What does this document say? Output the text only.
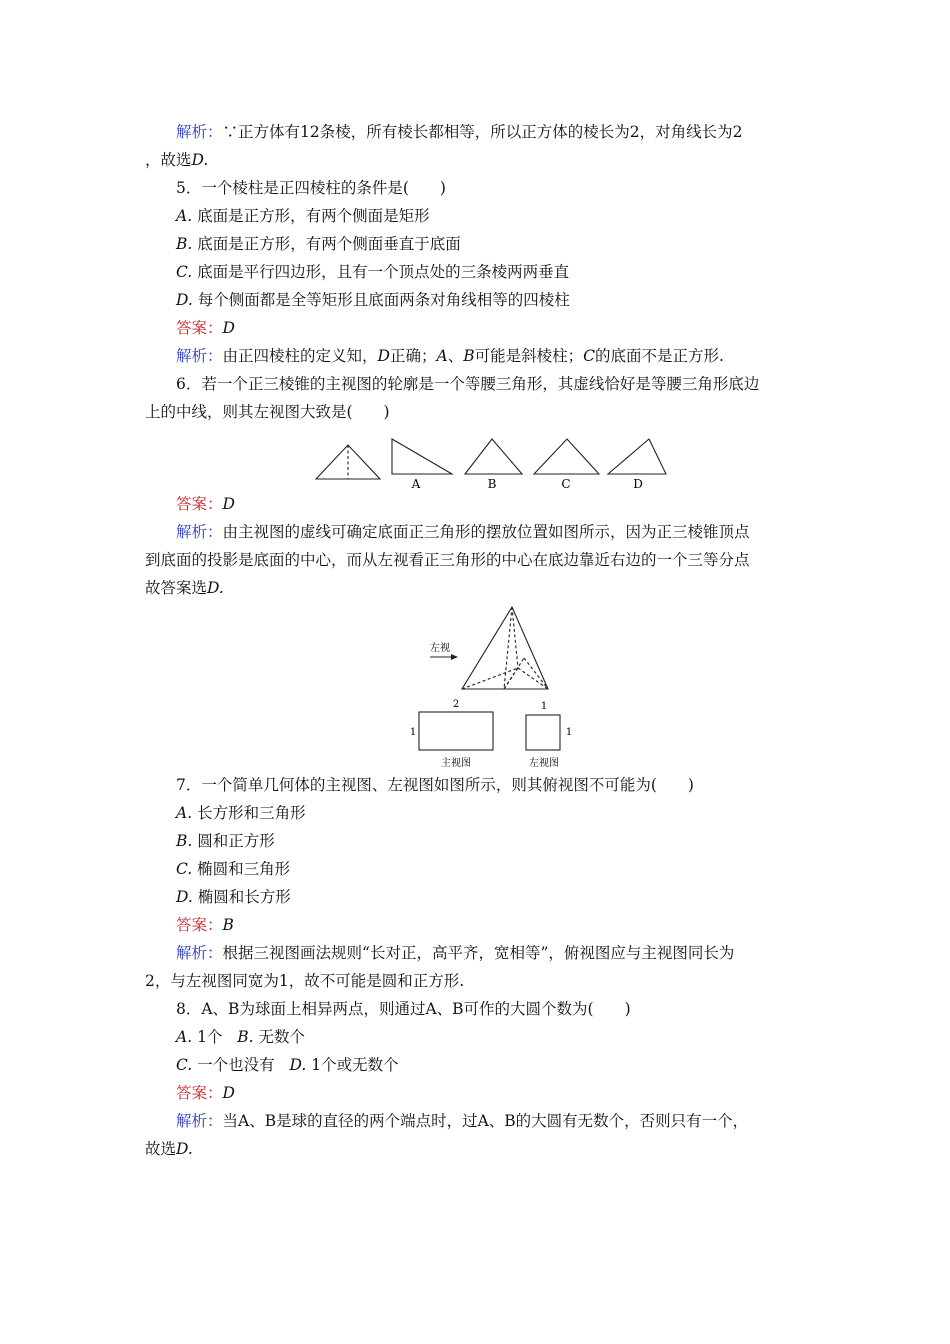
解析：∵正方体有12条棱，所有棱长都相等，所以正方体的棱长为2，对角线长为2
，故选D.
5．一个棱柱是正四棱柱的条件是(　　)
A. 底面是正方形，有两个侧面是矩形
B. 底面是正方形，有两个侧面垂直于底面
C. 底面是平行四边形，且有一个顶点处的三条棱两两垂直
D. 每个侧面都是全等矩形且底面两条对角线相等的四棱柱
答案：D
解析：由正四棱柱的定义知，D正确；A、B可能是斜棱柱；C的底面不是正方形.
6．若一个正三棱锥的主视图的轮廓是一个等腰三角形，其虚线恰好是等腰三角形底边
上的中线，则其左视图大致是(　　)
A	B	C	D
答案：D
解析：由主视图的虚线可确定底面正三角形的摆放位置如图所示，因为正三棱锥顶点
到底面的投影是底面的中心，而从左视看正三角形的中心在底边靠近右边的一个三等分点
故答案选D.
左视
2
1
主视图
1
1
左视图
7．一个简单几何体的主视图、左视图如图所示，则其俯视图不可能为(　　)
A. 长方形和三角形
B. 圆和正方形
C. 椭圆和三角形
D. 椭圆和长方形
答案：B
解析：根据三视图画法规则“长对正，高平齐，宽相等”，俯视图应与主视图同长为
2，与左视图同宽为1，故不可能是圆和正方形.
8．A、B为球面上相异两点，则通过A、B可作的大圆个数为(　　)
A. 1个 B. 无数个
C. 一个也没有 D. 1个或无数个
答案：D
解析：当A、B是球的直径的两个端点时，过A、B的大圆有无数个，否则只有一个，
故选D.
